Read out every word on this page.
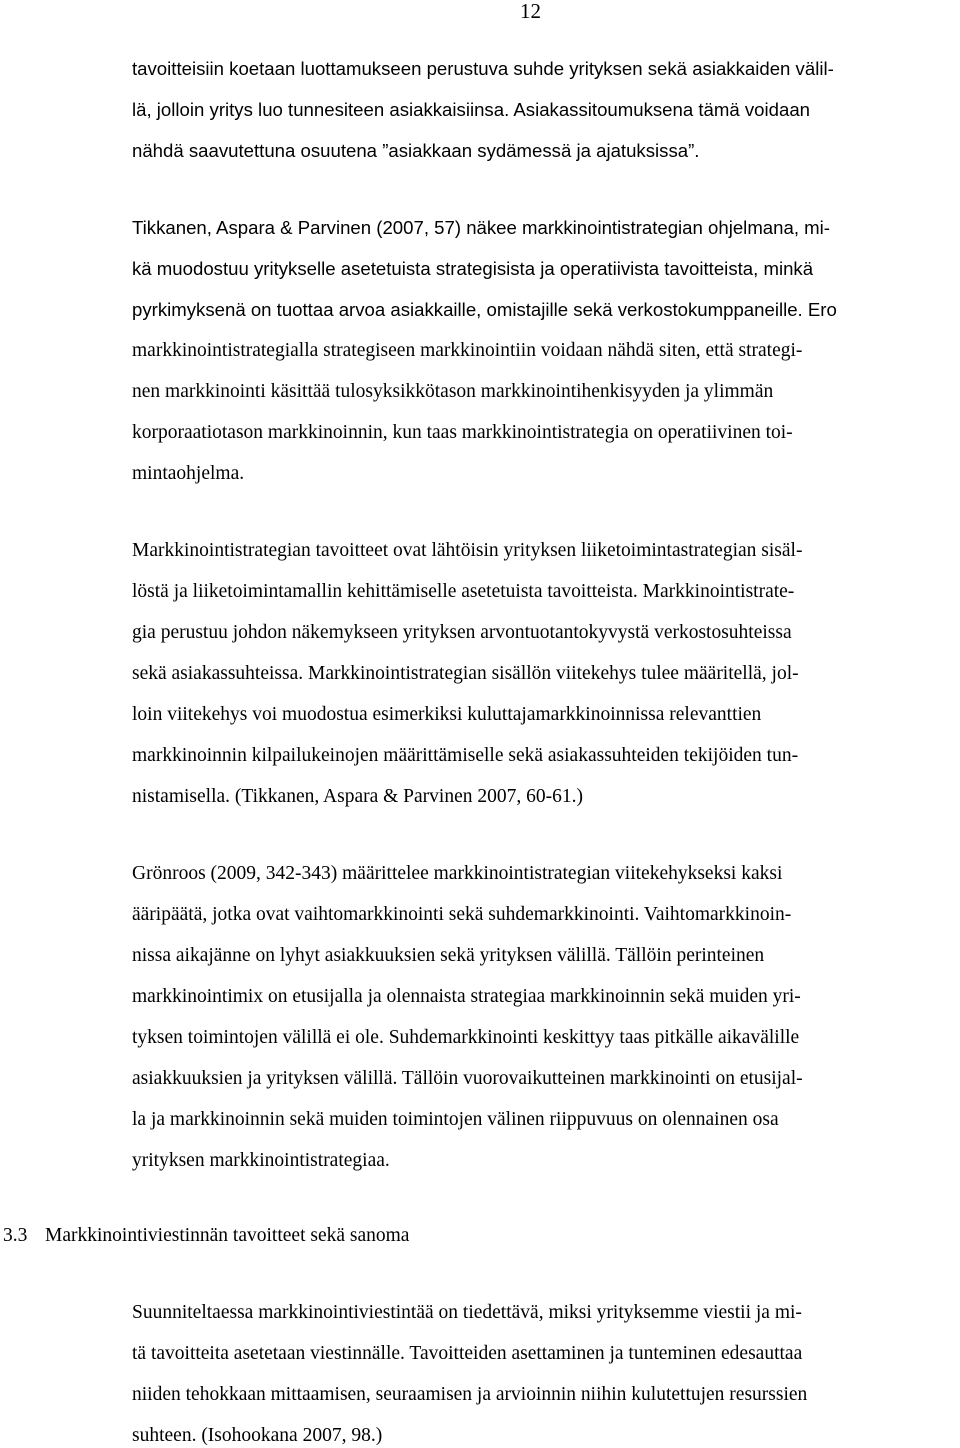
12
tavoitteisiin koetaan luottamukseen perustuva suhde yrityksen sekä asiakkaiden välil-
lä, jolloin yritys luo tunnesiteen asiakkaisiinsa. Asiakassitoumuksena tämä voidaan
nähdä saavutettuna osuutena ”asiakkaan sydämessä ja ajatuksissa”.
Tikkanen, Aspara & Parvinen (2007, 57) näkee markkinointistrategian ohjelmana, mi-
kä muodostuu yritykselle asetetuista strategisista ja operatiivista tavoitteista, minkä
pyrkimyksenä on tuottaa arvoa asiakkaille, omistajille sekä verkostokumppaneille. Ero
markkinointistrategialla strategiseen markkinointiin voidaan nähdä siten, että strategi-
nen markkinointi käsittää tulosyksikkötason markkinointihenkisyyden ja ylimmän
korporaatiotason markkinoinnin, kun taas markkinointistrategia on operatiivinen toi-
mintaohjelma.
Markkinointistrategian tavoitteet ovat lähtöisin yrityksen liiketoimintastrategian sisäl-
löstä ja liiketoimintamallin kehittämiselle asetetuista tavoitteista. Markkinointistrate-
gia perustuu johdon näkemykseen yrityksen arvontuotantokyvystä verkostosuhteissa
sekä asiakassuhteissa. Markkinointistrategian sisällön viitekehys tulee määritellä, jol-
loin viitekehys voi muodostua esimerkiksi kuluttajamarkkinoinnissa relevanttien
markkinoinnin kilpailukeinojen määrittämiselle sekä asiakassuhteiden tekijöiden tun-
nistamisella. (Tikkanen, Aspara & Parvinen 2007, 60-61.)
Grönroos (2009, 342-343) määrittelee markkinointistrategian viitekehykseksi kaksi
ääripäätä, jotka ovat vaihtomarkkinointi sekä suhdemarkkinointi. Vaihtomarkkinoin-
nissa aikajänne on lyhyt asiakkuuksien sekä yrityksen välillä. Tällöin perinteinen
markkinointimix on etusijalla ja olennaista strategiaa markkinoinnin sekä muiden yri-
tyksen toimintojen välillä ei ole. Suhdemarkkinointi keskittyy taas pitkälle aikavälille
asiakkuuksien ja yrityksen välillä. Tällöin vuorovaikutteinen markkinointi on etusijal-
la ja markkinoinnin sekä muiden toimintojen välinen riippuvuus on olennainen osa
yrityksen markkinointistrategiaa.
3.3 Markkinointiviestinnän tavoitteet sekä sanoma
Suunniteltaessa markkinointiviestintää on tiedettävä, miksi yrityksemme viestii ja mi-
tä tavoitteita asetetaan viestinnälle. Tavoitteiden asettaminen ja tunteminen edesauttaa
niiden tehokkaan mittaamisen, seuraamisen ja arvioinnin niihin kulutettujen resurssien
suhteen. (Isohookana 2007, 98.)
